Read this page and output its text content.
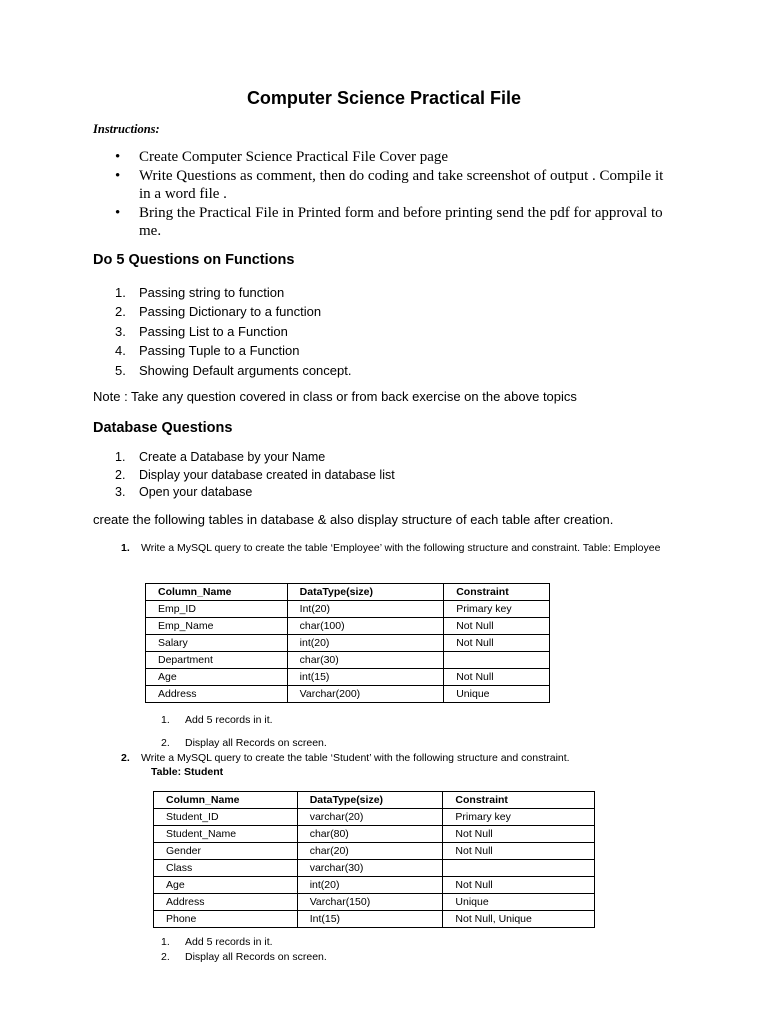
Computer Science Practical File
Instructions:
• Create Computer Science Practical File Cover page
• Write Questions as comment, then do coding and take screenshot of output . Compile it in a word file .
• Bring the Practical File in Printed form and before printing send the pdf for approval to me.
Do 5 Questions on Functions
1. Passing string to function
2. Passing Dictionary to a function
3. Passing List to a Function
4. Passing Tuple to a Function
5. Showing Default arguments concept.
Note : Take any question covered in class or from back exercise on the above topics
Database Questions
1. Create a Database by your Name
2. Display your database created in database list
3. Open your database
create the following tables in database & also display structure of each table after creation.
1. Write a MySQL query to create the table ‘Employee’ with the following structure and constraint. Table: Employee
Column_Name	DataType(size)	Constraint
Emp_ID	Int(20)	Primary key
Emp_Name	char(100)	Not Null
Salary	int(20)	Not Null
Department	char(30)	
Age	int(15)	Not Null
Address	Varchar(200)	Unique
1. Add 5 records in it.
2. Display all Records on screen.
2. Write a MySQL query to create the table ‘Student’ with the following structure and constraint.
Table: Student
Column_Name	DataType(size)	Constraint
Student_ID	varchar(20)	Primary key
Student_Name	char(80)	Not Null
Gender	char(20)	Not Null
Class	varchar(30)	
Age	int(20)	Not Null
Address	Varchar(150)	Unique
Phone	Int(15)	Not Null, Unique
1. Add 5 records in it.
2. Display all Records on screen.
